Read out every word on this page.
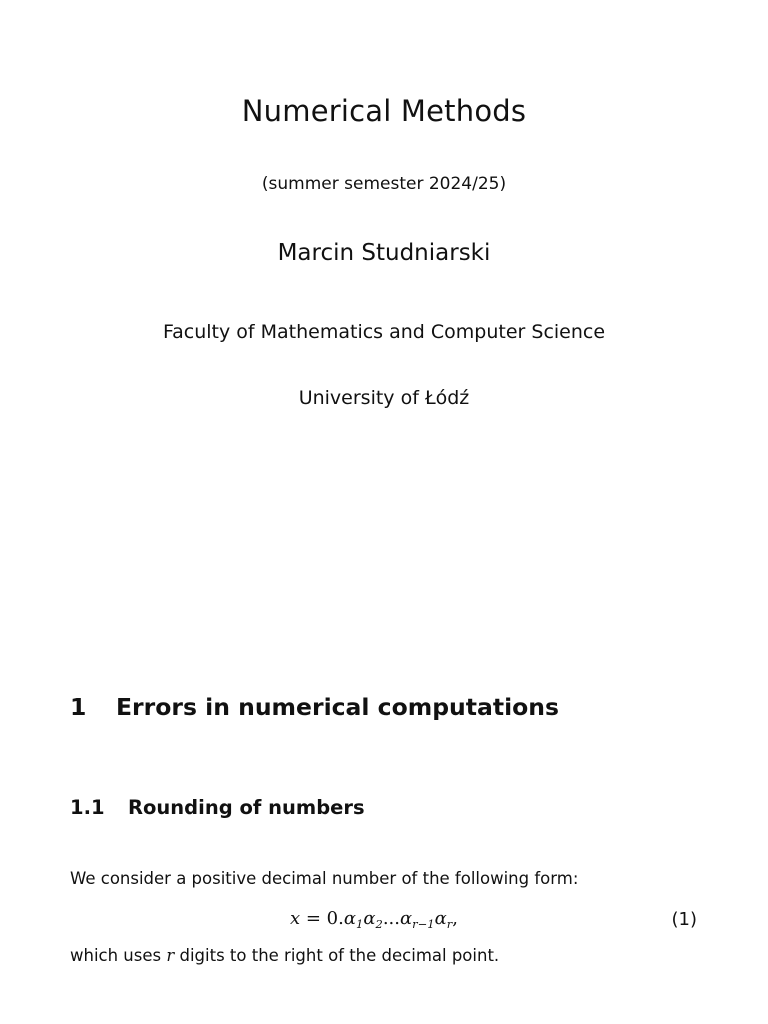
Numerical Methods
(summer semester 2024/25)
Marcin Studniarski
Faculty of Mathematics and Computer Science
University of Łódź
1 Errors in numerical computations
1.1 Rounding of numbers
We consider a positive decimal number of the following form:
$x = 0.\alpha_1\alpha_2...\alpha_{r-1}\alpha_r$,	(1)
which uses r digits to the right of the decimal point.
